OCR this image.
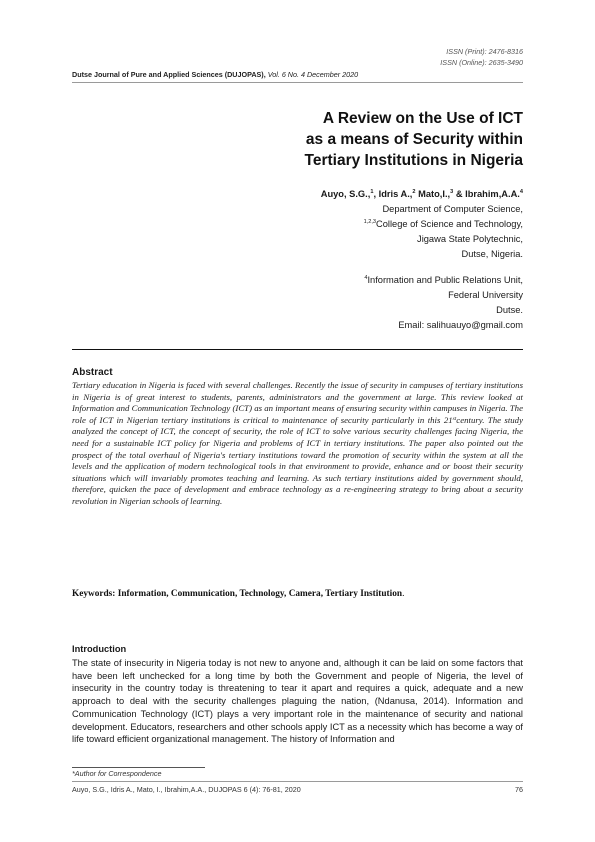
ISSN (Print): 2476-8316
ISSN (Online): 2635-3490
Dutse Journal of Pure and Applied Sciences (DUJOPAS), Vol. 6 No. 4 December 2020
A Review on the Use of ICT
as a means of Security within
Tertiary Institutions in Nigeria
Auyo, S.G.,$^1$, Idris A.,$^2$ Mato,I.,$^3$ & Ibrahim,A.A.$^4$
Department of Computer Science,
$^{1,2,3}$College of Science and Technology,
Jigawa State Polytechnic,
Dutse, Nigeria.
$^4$Information and Public Relations Unit,
Federal University
Dutse.
Email: salihuauyo@gmail.com
Abstract

Tertiary education in Nigeria is faced with several challenges. Recently the issue of security in campuses of tertiary institutions in Nigeria is of great interest to students, parents, administrators and the government at large. This review looked at Information and Communication Technology (ICT) as an important means of ensuring security within campuses in Nigeria. The role of ICT in Nigerian tertiary institutions is critical to maintenance of security particularly in this 21stcentury. The study analyzed the concept of ICT, the concept of security, the role of ICT to solve various security challenges facing Nigeria, the need for a sustainable ICT policy for Nigeria and problems of ICT in tertiary institutions. The paper also pointed out the prospect of the total overhaul of Nigeria's tertiary institutions toward the promotion of security within the system at all the levels and the application of modern technological tools in that environment to provide, enhance and or boost their security situations which will invariably promotes teaching and learning. As such tertiary institutions aided by government should, therefore, quicken the pace of development and embrace technology as a re-engineering strategy to bring about a security revolution in Nigerian schools of learning.

Keywords: Information, Communication, Technology, Camera, Tertiary Institution.
Introduction

The state of insecurity in Nigeria today is not new to anyone and, although it can be laid on some factors that have been left unchecked for a long time by both the Government and people of Nigeria, the level of insecurity in the country today is threatening to tear it apart and requires a quick, adequate and a new approach to deal with the security challenges plaguing the nation, (Ndanusa, 2014). Information and Communication Technology (ICT) plays a very important role in the maintenance of security and national development. Educators, researchers and other schools apply ICT as a necessity which has become a way of life toward efficient organizational management. The history of Information and

*Author for Correspondence
Auyo, S.G., Idris A., Mato, I., Ibrahim,A.A., DUJOPAS 6 (4): 76-81, 2020	76
